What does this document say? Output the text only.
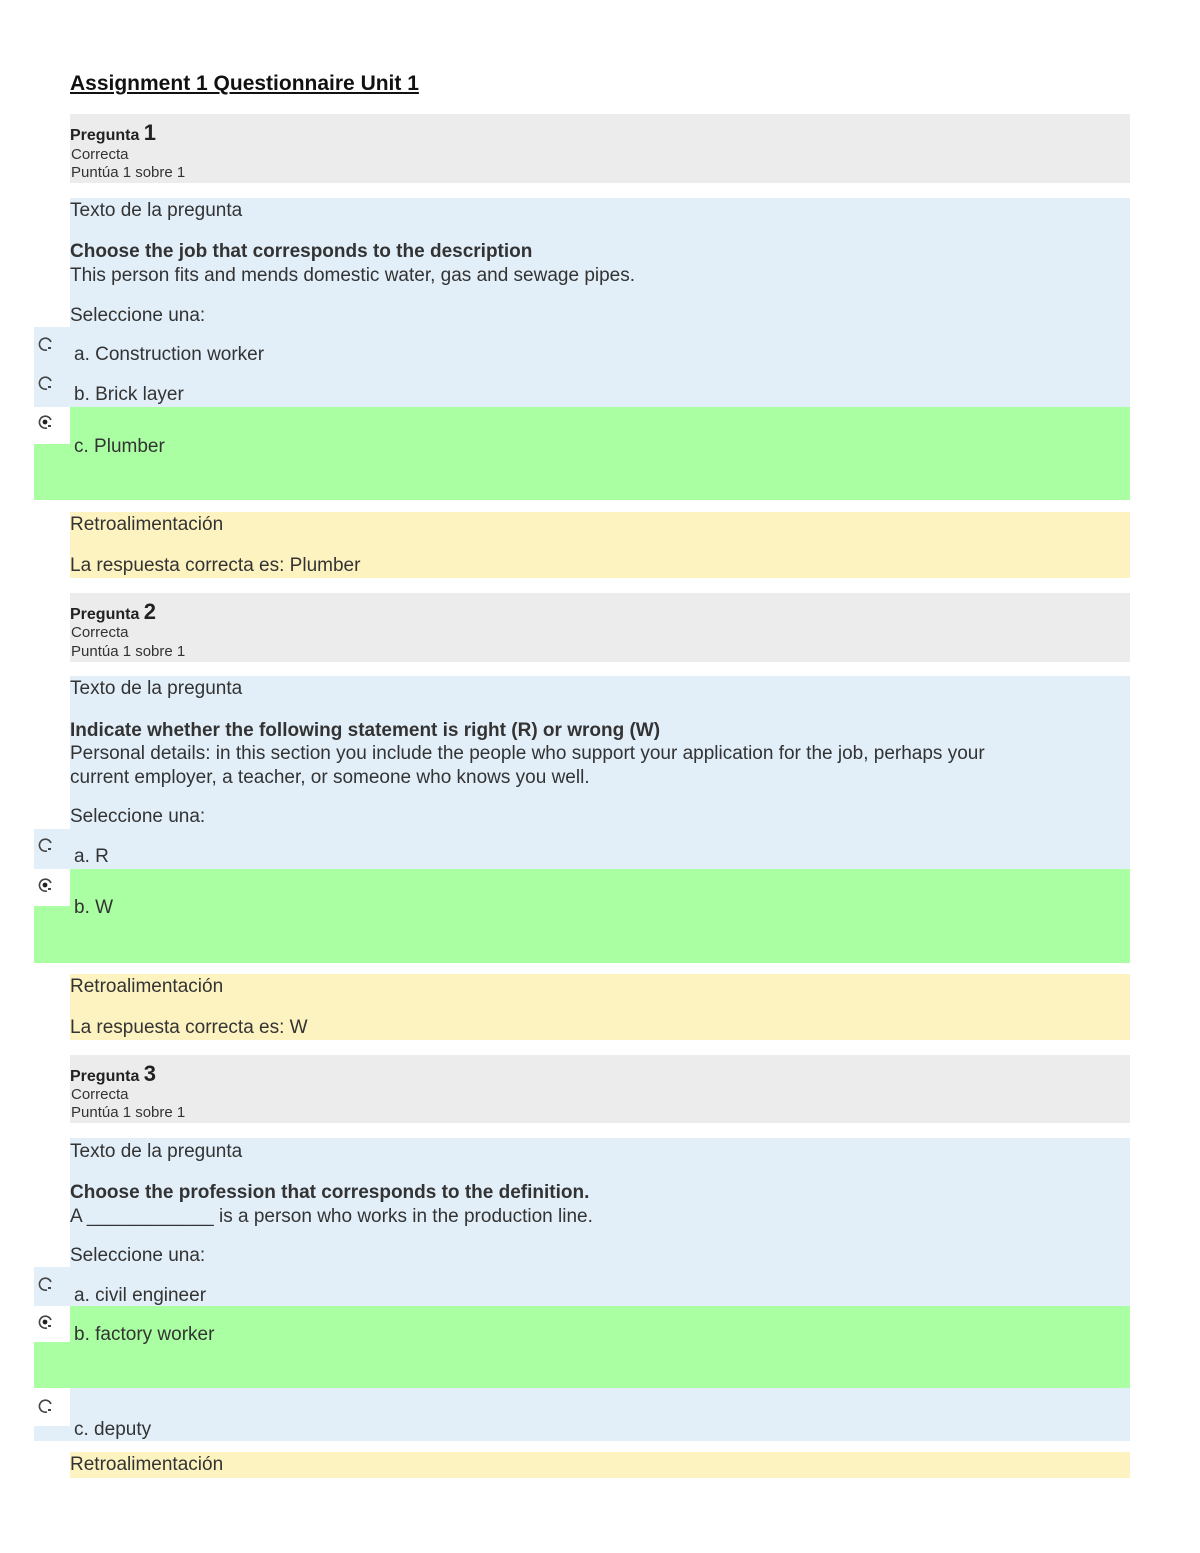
Assignment 1 Questionnaire Unit 1
Pregunta 1
Correcta
Puntúa 1 sobre 1
Texto de la pregunta
Choose the job that corresponds to the description
This person fits and mends domestic water, gas and sewage pipes.
Seleccione una:
a. Construction worker
b. Brick layer
c. Plumber
Retroalimentación
La respuesta correcta es: Plumber
Pregunta 2
Correcta
Puntúa 1 sobre 1
Texto de la pregunta
Indicate whether the following statement is right (R) or wrong (W)
Personal details: in this section you include the people who support your application for the job, perhaps your
current employer, a teacher, or someone who knows you well.
Seleccione una:
a. R
b. W
Retroalimentación
La respuesta correcta es: W
Pregunta 3
Correcta
Puntúa 1 sobre 1
Texto de la pregunta
Choose the profession that corresponds to the definition.
A ____________ is a person who works in the production line.
Seleccione una:
a. civil engineer
b. factory worker
c. deputy
Retroalimentación
